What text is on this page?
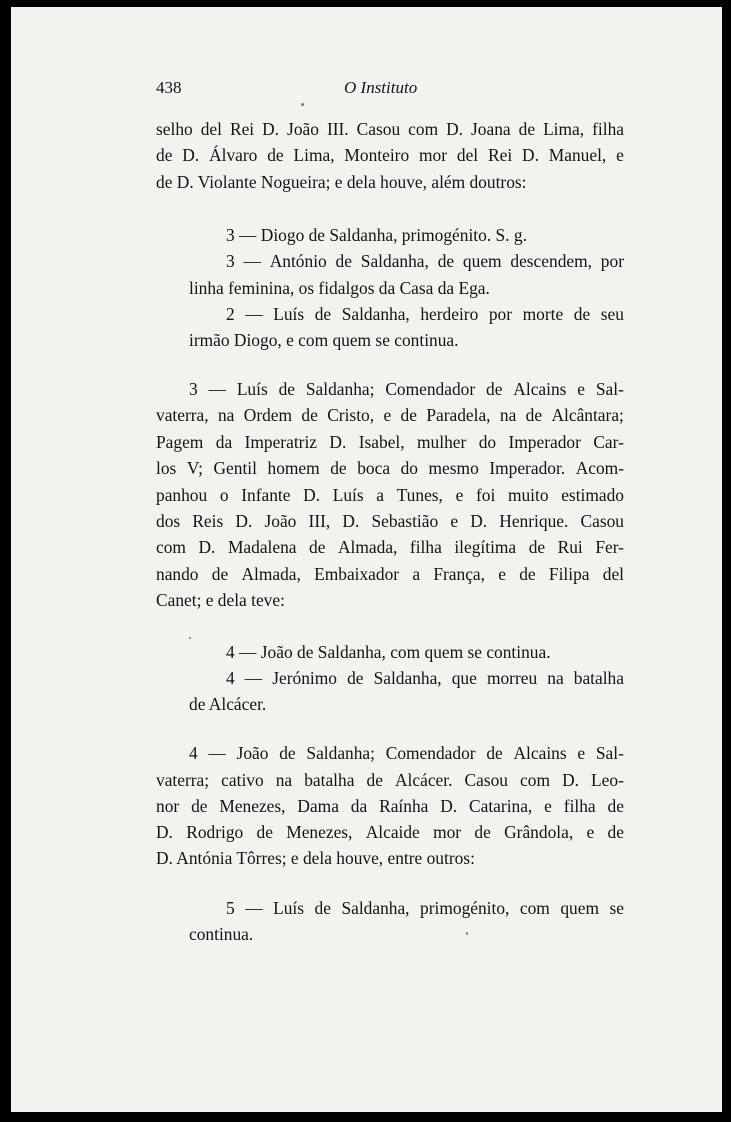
438	O Instituto

selho del Rei D. João III. Casou com D. Joana de Lima, filha

de D. Álvaro de Lima, Monteiro mor del Rei D. Manuel, e

de D. Violante Nogueira; e dela houve, além doutros:

3 — Diogo de Saldanha, primogénito. S. g.

3 — António de Saldanha, de quem descendem, por

linha feminina, os fidalgos da Casa da Ega.

2 — Luís de Saldanha, herdeiro por morte de seu

irmão Diogo, e com quem se continua.

3 — Luís de Saldanha; Comendador de Alcains e Sal-

vaterra, na Ordem de Cristo, e de Paradela, na de Alcântara;

Pagem da Imperatriz D. Isabel, mulher do Imperador Car-

los V; Gentil homem de boca do mesmo Imperador. Acom-

panhou o Infante D. Luís a Tunes, e foi muito estimado

dos Reis D. João III, D. Sebastião e D. Henrique. Casou

com D. Madalena de Almada, filha ilegítima de Rui Fer-

nando de Almada, Embaixador a França, e de Filipa del

Canet; e dela teve:

4 — João de Saldanha, com quem se continua.

4 — Jerónimo de Saldanha, que morreu na batalha

de Alcácer.

4 — João de Saldanha; Comendador de Alcains e Sal-

vaterra; cativo na batalha de Alcácer. Casou com D. Leo-

nor de Menezes, Dama da Raínha D. Catarina, e filha de

D. Rodrigo de Menezes, Alcaide mor de Grândola, e de

D. Antónia Tôrres; e dela houve, entre outros:

5 — Luís de Saldanha, primogénito, com quem se

continua.
